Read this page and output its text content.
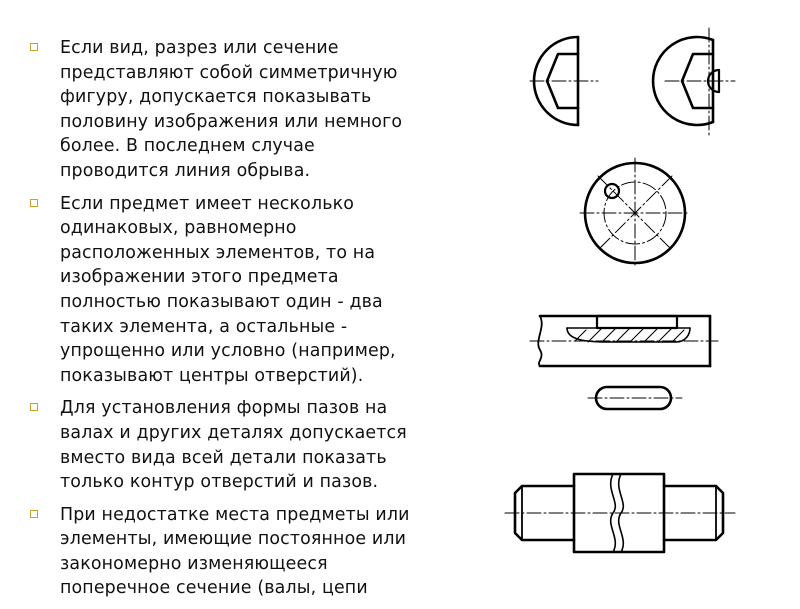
Если вид, разрез или сечение
представляют собой симметричную
фигуру, допускается показывать
половину изображения или немного
более. В последнем случае
проводится линия обрыва.
Если предмет имеет несколько
одинаковых, равномерно
расположенных элементов, то на
изображении этого предмета
полностью показывают один - два
таких элемента, а остальные -
упрощенно или условно (например,
показывают центры отверстий).
Для установления формы пазов на
валах и других деталях допускается
вместо вида всей детали показать
только контур отверстий и пазов.
При недостатке места предметы или
элементы, имеющие постоянное или
закономерно изменяющееся
поперечное сечение (валы, цепи
